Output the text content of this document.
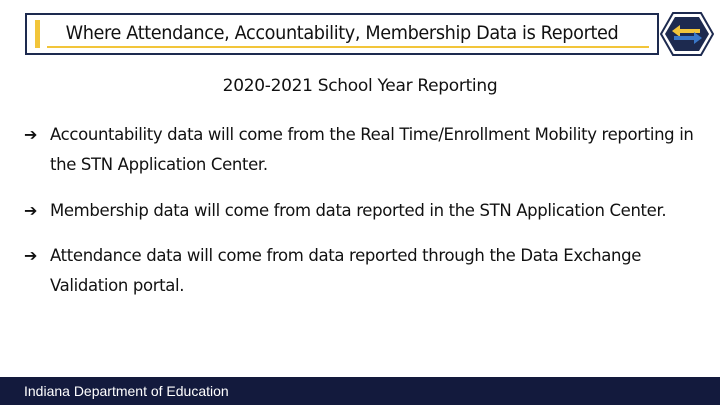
Where Attendance, Accountability, Membership Data is Reported
2020-2021 School Year Reporting
➔ Accountability data will come from the Real Time/Enrollment Mobility reporting in the STN Application Center.
➔ Membership data will come from data reported in the STN Application Center.
➔ Attendance data will come from data reported through the Data Exchange Validation portal.
Indiana Department of Education
